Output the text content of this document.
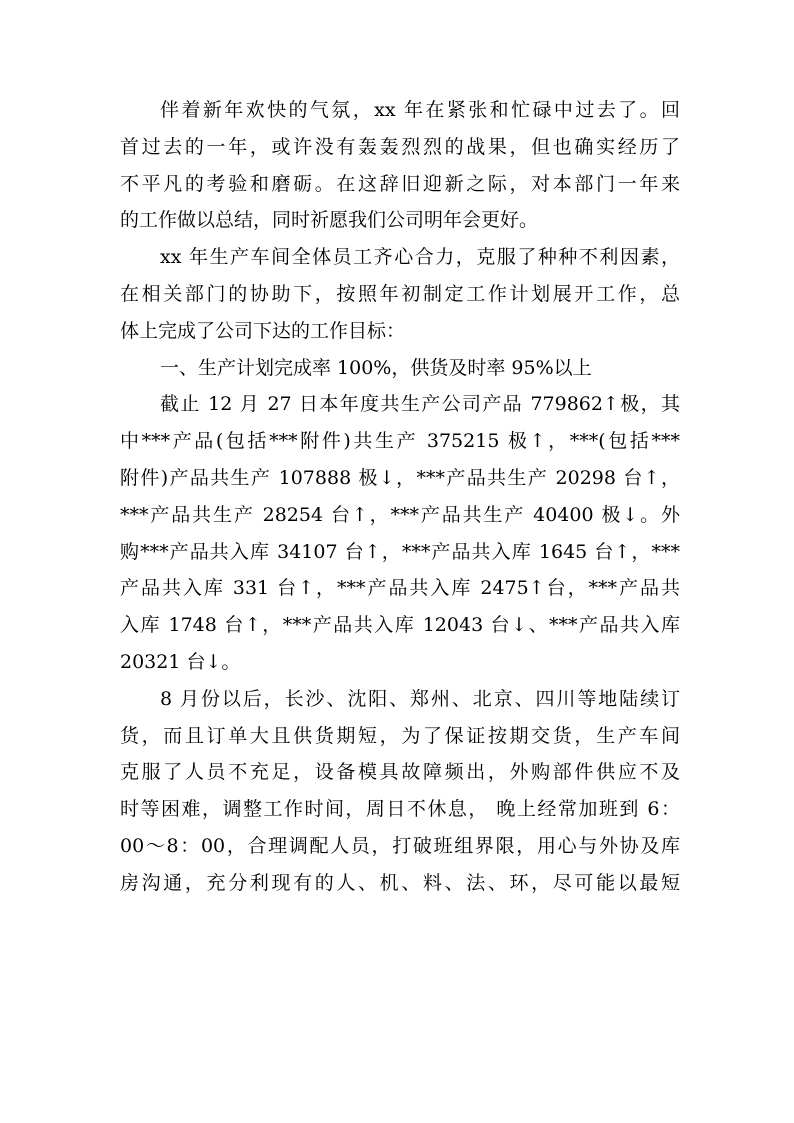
伴着新年欢快的气氛，xx 年在紧张和忙碌中过去了。回
首过去的一年，或许没有轰轰烈烈的战果，但也确实经历了
不平凡的考验和磨砺。在这辞旧迎新之际，对本部门一年来
的工作做以总结，同时祈愿我们公司明年会更好。
xx 年生产车间全体员工齐心合力，克服了种种不利因素，
在相关部门的协助下，按照年初制定工作计划展开工作，总
体上完成了公司下达的工作目标：
一、生产计划完成率 100%，供货及时率 95%以上
截止 12 月 27 日本年度共生产公司产品 779862↑极，其
中***产品(包括***附件)共生产 375215 极↑，***(包括***
附件)产品共生产 107888 极↓，***产品共生产 20298 台↑，
***产品共生产 28254 台↑，***产品共生产 40400 极↓。外
购***产品共入库 34107 台↑，***产品共入库 1645 台↑，***
产品共入库 331 台↑，***产品共入库 2475↑台，***产品共
入库 1748 台↑，***产品共入库 12043 台↓、***产品共入库
20321 台↓。
8 月份以后，长沙、沈阳、郑州、北京、四川等地陆续订
货，而且订单大且供货期短，为了保证按期交货，生产车间
克服了人员不充足，设备模具故障频出，外购部件供应不及
时等困难，调整工作时间，周日不休息， 晚上经常加班到 6：
00～8：00，合理调配人员，打破班组界限，用心与外协及库
房沟通，充分利现有的人、机、料、法、环，尽可能以最短
